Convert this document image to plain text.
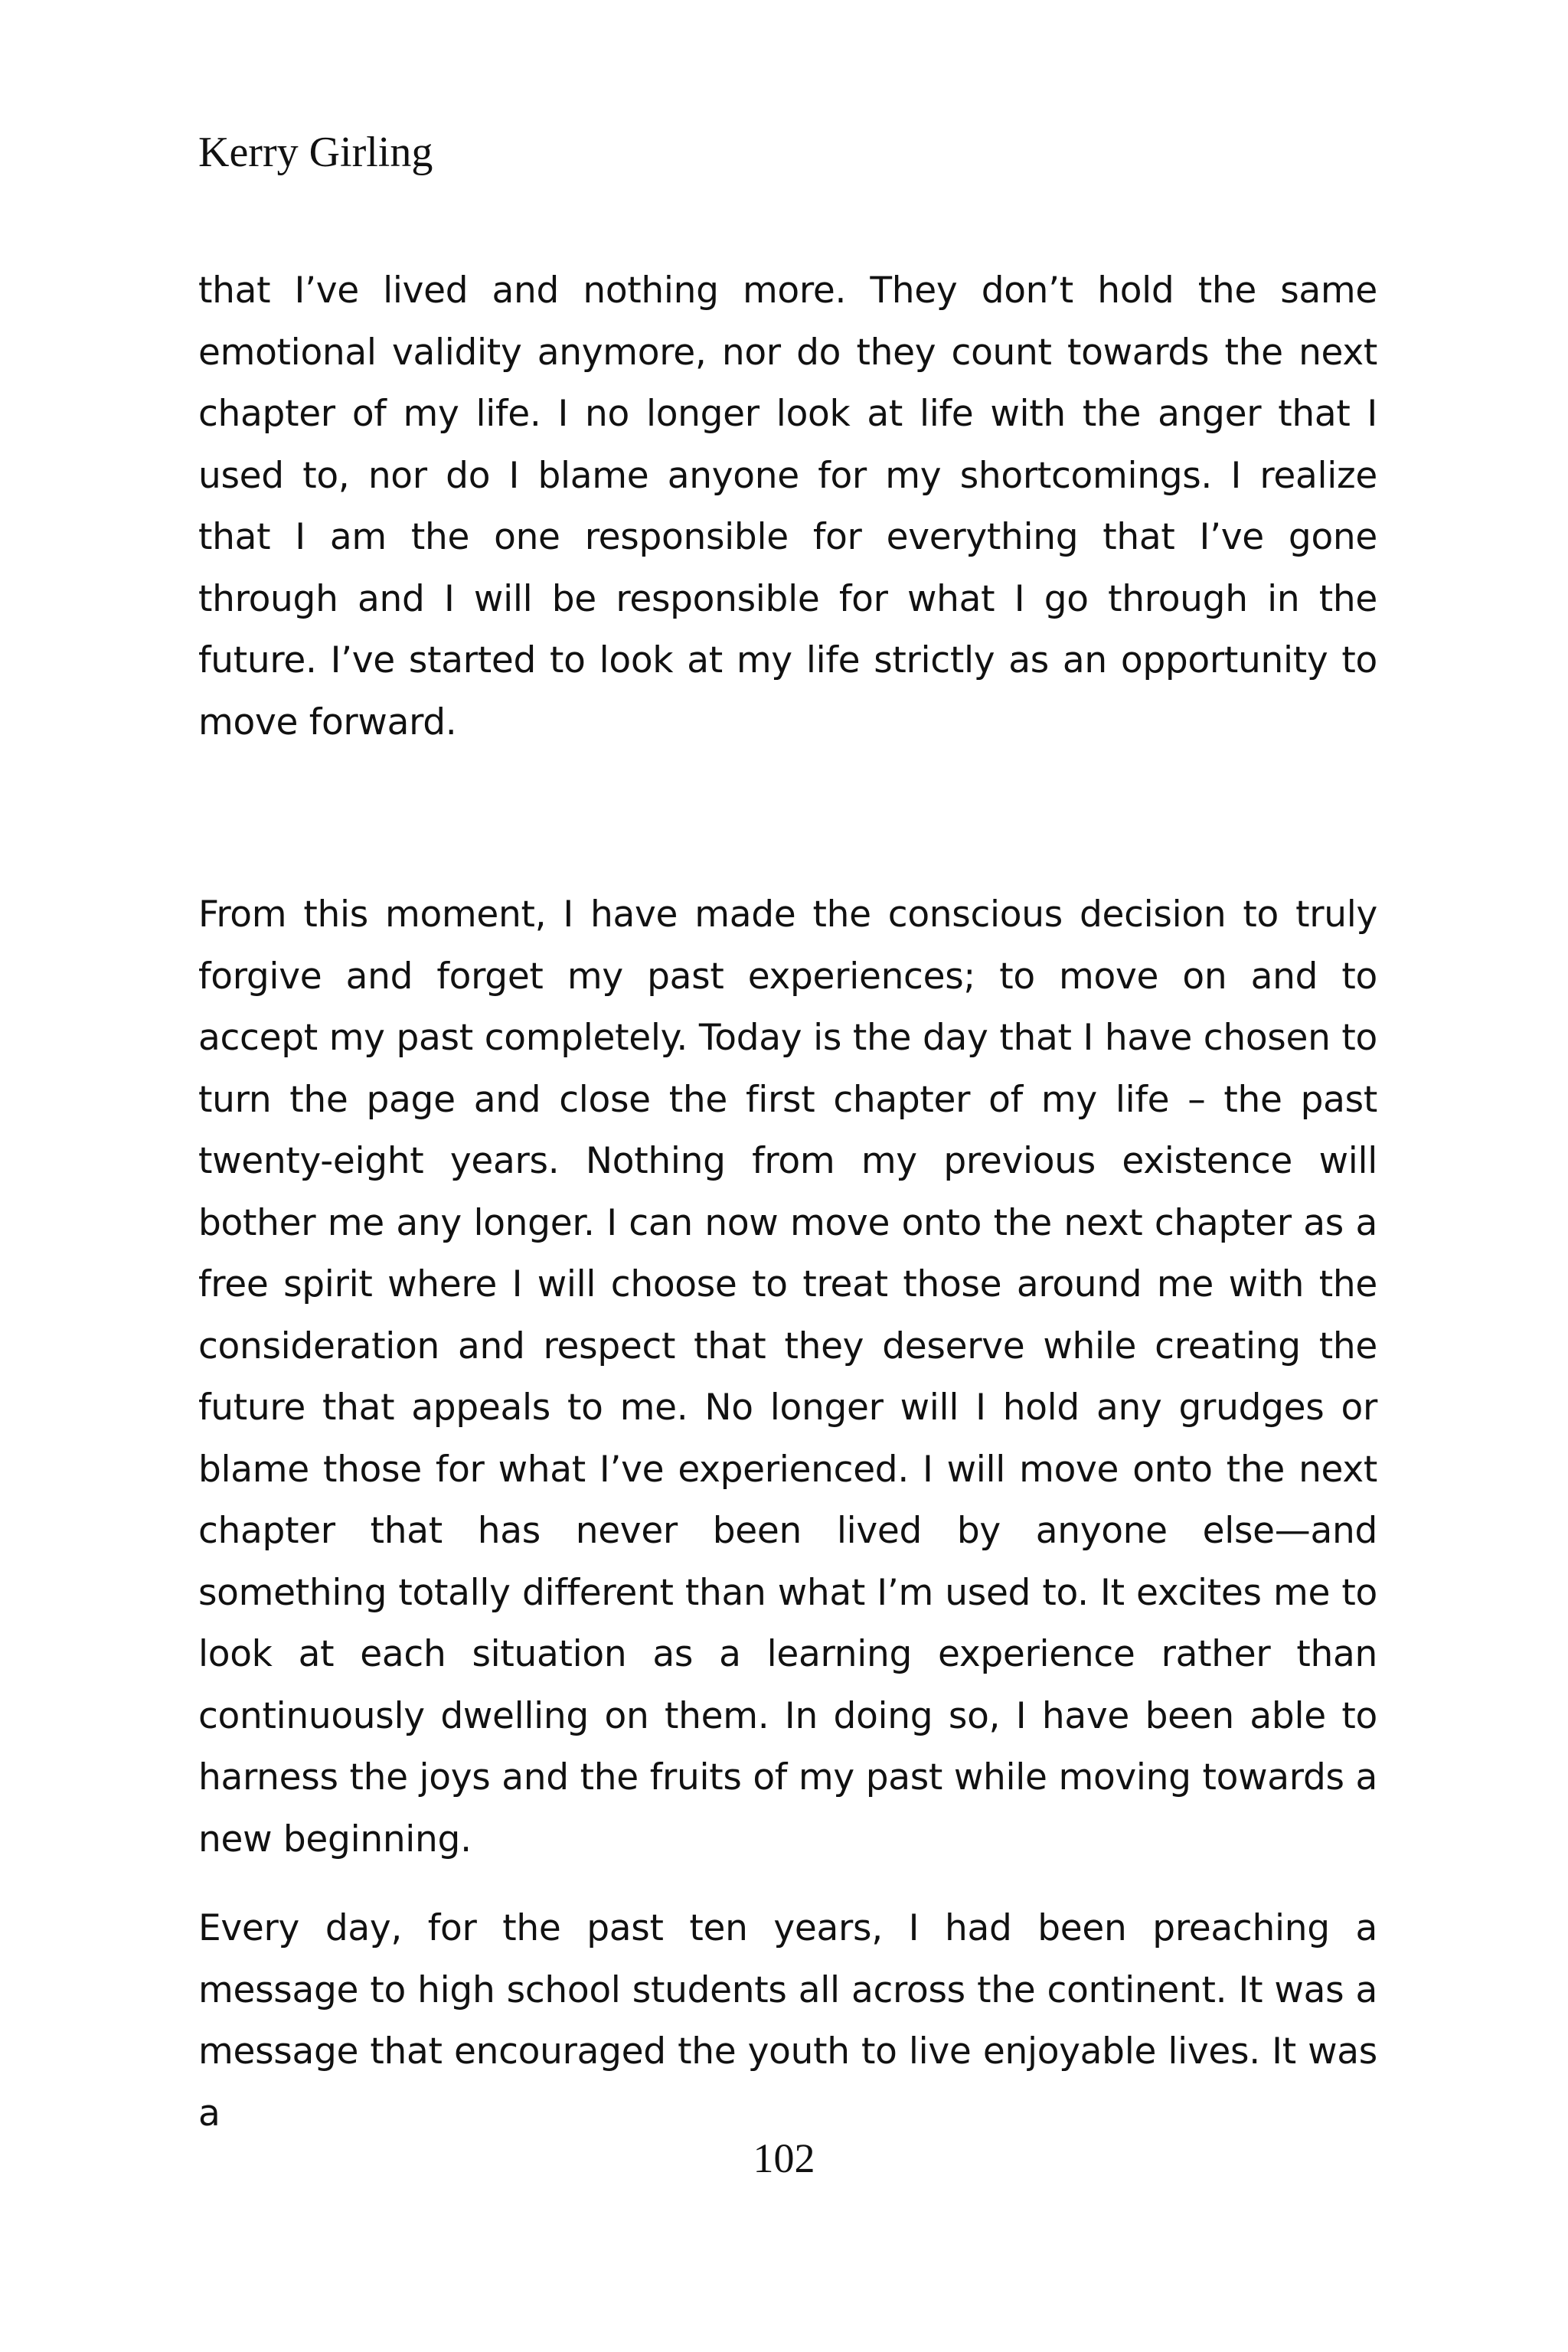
Kerry Girling

that I’ve lived and nothing more. They don’t hold the same emotional validity anymore, nor do they count towards the next chapter of my life. I no longer look at life with the anger that I used to, nor do I blame anyone for my shortcomings. I realize that I am the one responsible for everything that I’ve gone through and I will be responsible for what I go through in the future. I’ve started to look at my life strictly as an opportunity to move forward.

From this moment, I have made the conscious decision to truly forgive and forget my past experiences; to move on and to accept my past completely. Today is the day that I have chosen to turn the page and close the first chapter of my life – the past twenty-eight years. Nothing from my previous existence will bother me any longer. I can now move onto the next chapter as a free spirit where I will choose to treat those around me with the consideration and respect that they deserve while creating the future that appeals to me. No longer will I hold any grudges or blame those for what I’ve experienced. I will move onto the next chapter that has never been lived by anyone else—and something totally different than what I’m used to. It excites me to look at each situation as a learning experience rather than continuously dwelling on them. In doing so, I have been able to harness the joys and the fruits of my past while moving towards a new beginning.

Every day, for the past ten years, I had been preaching a message to high school students all across the continent. It was a message that encouraged the youth to live enjoyable lives. It was a

102
